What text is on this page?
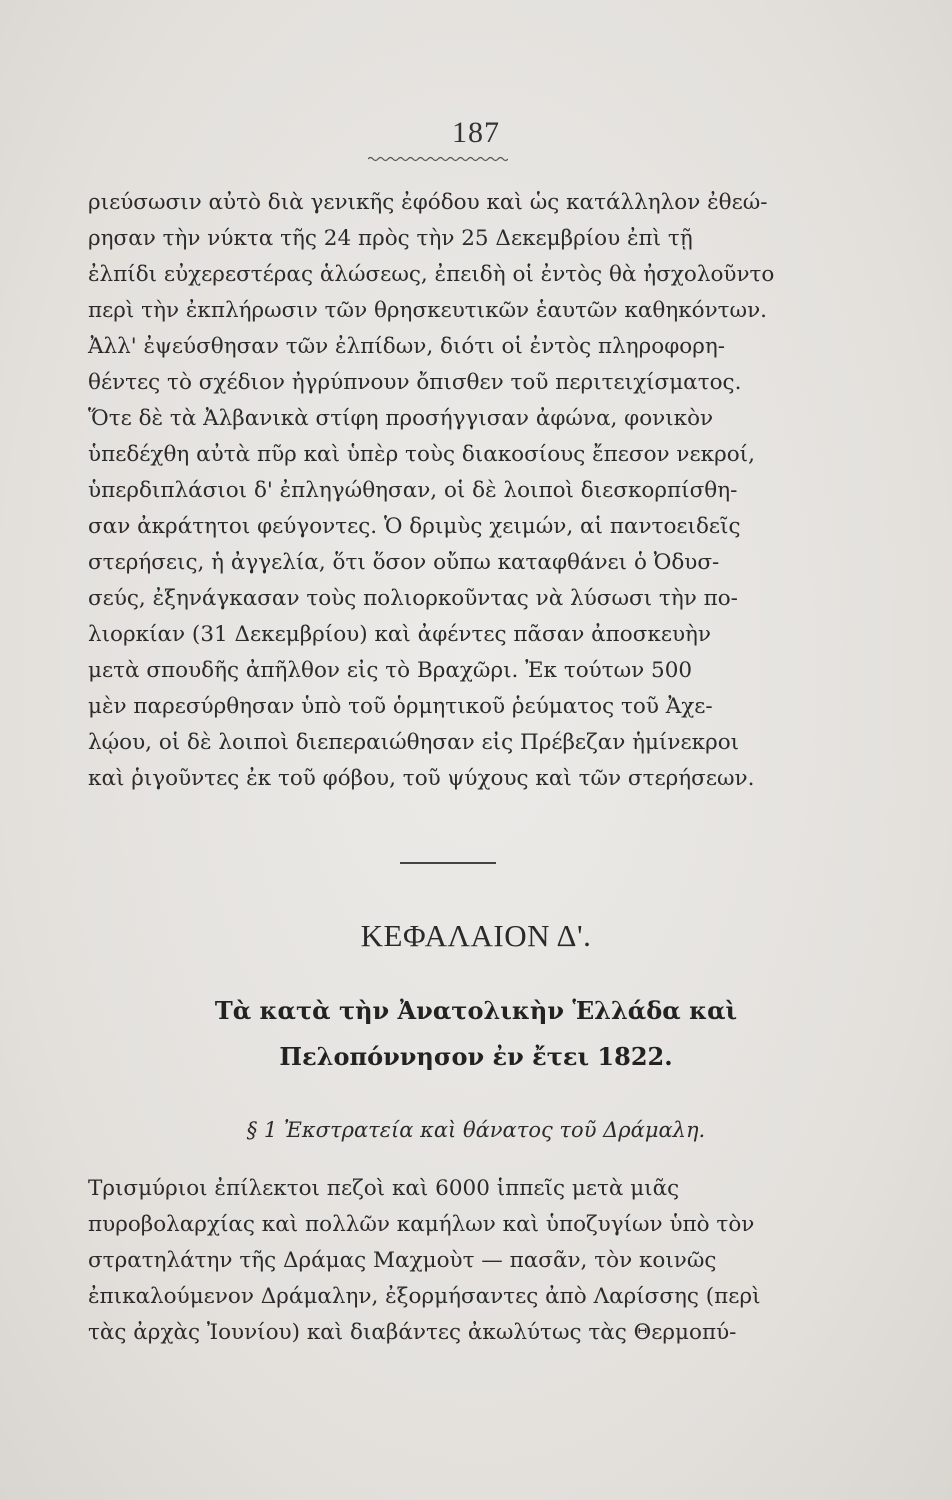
187
ριεύσωσιν αὐτὸ διὰ γενικῆς ἐφόδου καὶ ὡς κατάλληλον ἐθεώ-
ρησαν τὴν νύκτα τῆς 24 πρὸς τὴν 25 Δεκεμβρίου ἐπὶ τῇ
ἐλπίδι εὐχερεστέρας ἁλώσεως, ἐπειδὴ οἱ ἐντὸς θὰ ἠσχολοῦντο
περὶ τὴν ἐκπλήρωσιν τῶν θρησκευτικῶν ἑαυτῶν καθηκόντων.
Ἀλλ' ἐψεύσθησαν τῶν ἐλπίδων, διότι οἱ ἐντὸς πληροφορη-
θέντες τὸ σχέδιον ἠγρύπνουν ὄπισθεν τοῦ περιτειχίσματος.
Ὅτε δὲ τὰ Ἀλβανικὰ στίφη προσήγγισαν ἀφώνα, φονικὸν
ὑπεδέχθη αὐτὰ πῦρ καὶ ὑπὲρ τοὺς διακοσίους ἔπεσον νεκροί,
ὑπερδιπλάσιοι δ' ἐπληγώθησαν, οἱ δὲ λοιποὶ διεσκορπίσθη-
σαν ἀκράτητοι φεύγοντες. Ὁ δριμὺς χειμών, αἱ παντοειδεῖς
στερήσεις, ἡ ἀγγελία, ὅτι ὅσον οὔπω καταφθάνει ὁ Ὀδυσ-
σεύς, ἐξηνάγκασαν τοὺς πολιορκοῦντας νὰ λύσωσι τὴν πο-
λιορκίαν (31 Δεκεμβρίου) καὶ ἀφέντες πᾶσαν ἀποσκευὴν
μετὰ σπουδῆς ἀπῆλθον εἰς τὸ Βραχῶρι. Ἐκ τούτων 500
μὲν παρεσύρθησαν ὑπὸ τοῦ ὁρμητικοῦ ῥεύματος τοῦ Ἀχε-
λῴου, οἱ δὲ λοιποὶ διεπεραιώθησαν εἰς Πρέβεζαν ἡμίνεκροι
καὶ ῥιγοῦντες ἐκ τοῦ φόβου, τοῦ ψύχους καὶ τῶν στερήσεων.
ΚΕΦΑΛΑΙΟΝ Δ'.
Τὰ κατὰ τὴν Ἀνατολικὴν Ἑλλάδα καὶ
Πελοπόννησον ἐν ἔτει 1822.
§ 1 Ἐκστρατεία καὶ θάνατος τοῦ Δράμαλη.
Τρισμύριοι ἐπίλεκτοι πεζοὶ καὶ 6000 ἱππεῖς μετὰ μιᾶς
πυροβολαρχίας καὶ πολλῶν καμήλων καὶ ὑποζυγίων ὑπὸ τὸν
στρατηλάτην τῆς Δράμας Μαχμοὺτ — πασᾶν, τὸν κοινῶς
ἐπικαλούμενον Δράμαλην, ἐξορμήσαντες ἀπὸ Λαρίσσης (περὶ
τὰς ἀρχὰς Ἰουνίου) καὶ διαβάντες ἀκωλύτως τὰς Θερμοπύ-
